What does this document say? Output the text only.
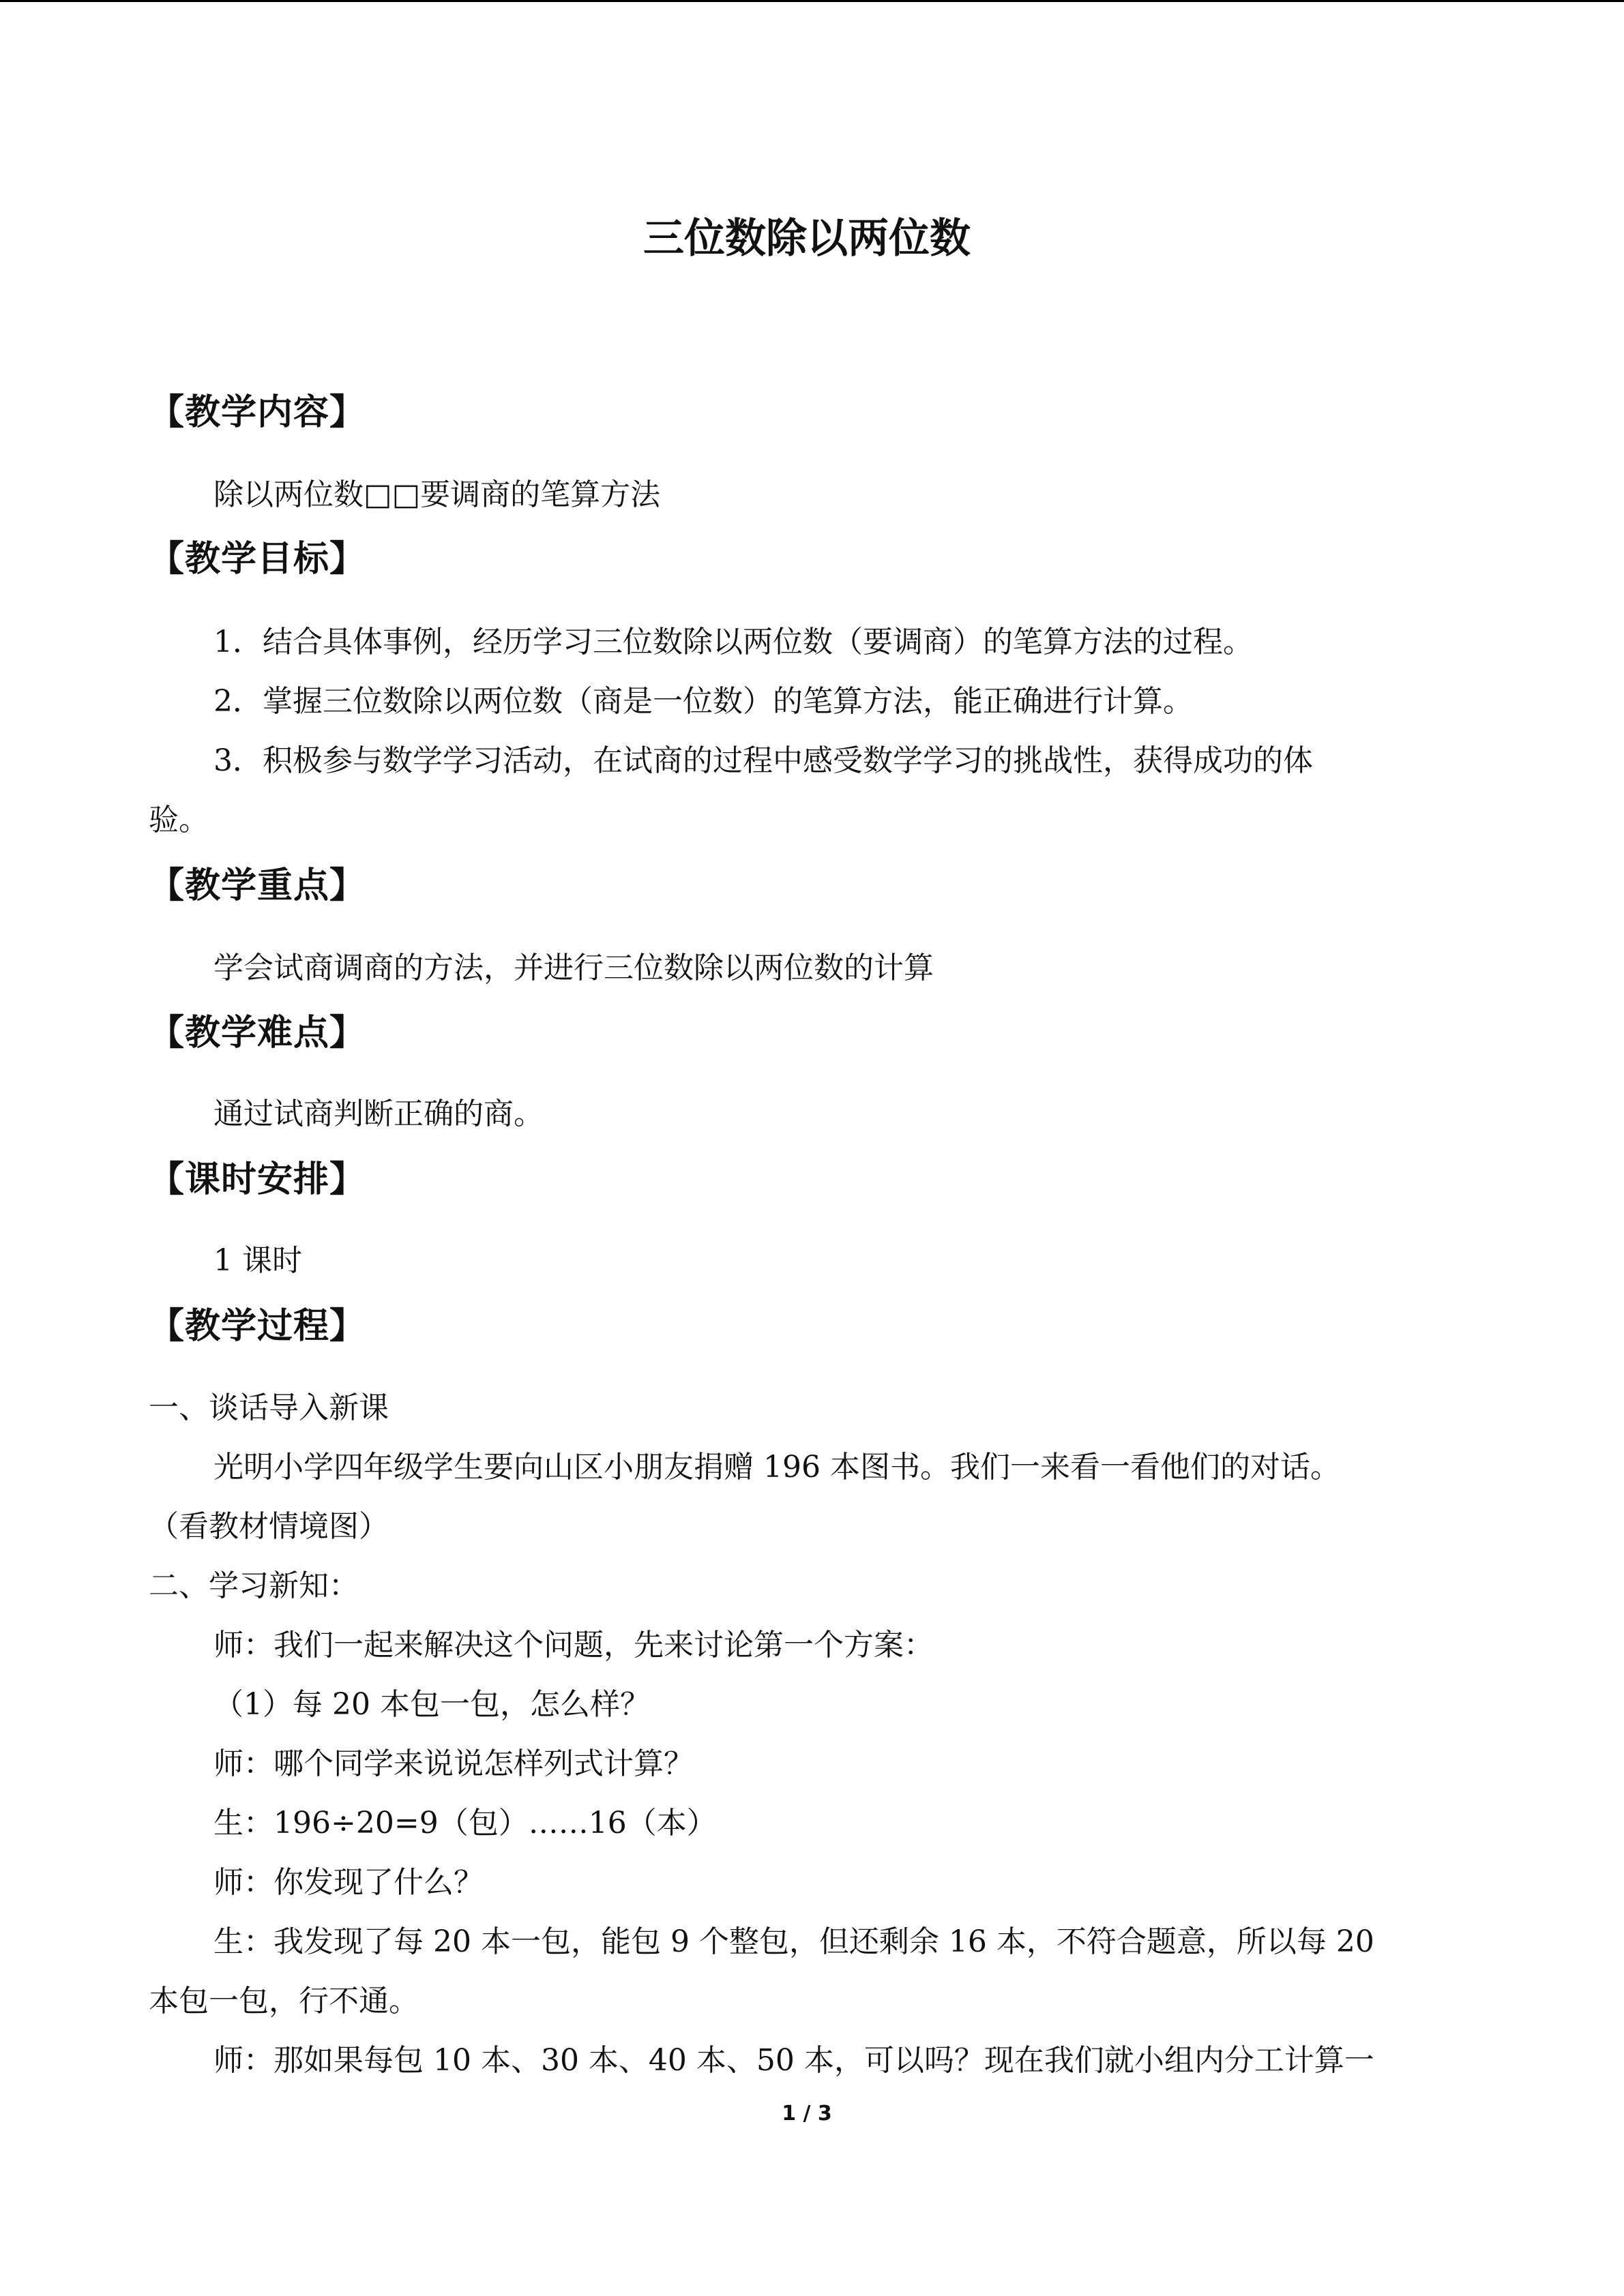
三位数除以两位数
【教学内容】
除以两位数□□要调商的笔算方法
【教学目标】
1．结合具体事例，经历学习三位数除以两位数（要调商）的笔算方法的过程。
2．掌握三位数除以两位数（商是一位数）的笔算方法，能正确进行计算。
3．积极参与数学学习活动，在试商的过程中感受数学学习的挑战性，获得成功的体
验。
【教学重点】
学会试商调商的方法，并进行三位数除以两位数的计算
【教学难点】
通过试商判断正确的商。
【课时安排】
1 课时
【教学过程】
一、谈话导入新课
光明小学四年级学生要向山区小朋友捐赠 196 本图书。我们一来看一看他们的对话。
（看教材情境图）
二、学习新知：
师：我们一起来解决这个问题，先来讨论第一个方案：
（1）每 20 本包一包，怎么样？
师：哪个同学来说说怎样列式计算？
生：196÷20=9（包）……16（本）
师：你发现了什么？
生：我发现了每 20 本一包，能包 9 个整包，但还剩余 16 本，不符合题意，所以每 20
本包一包，行不通。
师：那如果每包 10 本、30 本、40 本、50 本，可以吗？现在我们就小组内分工计算一
1 / 3
